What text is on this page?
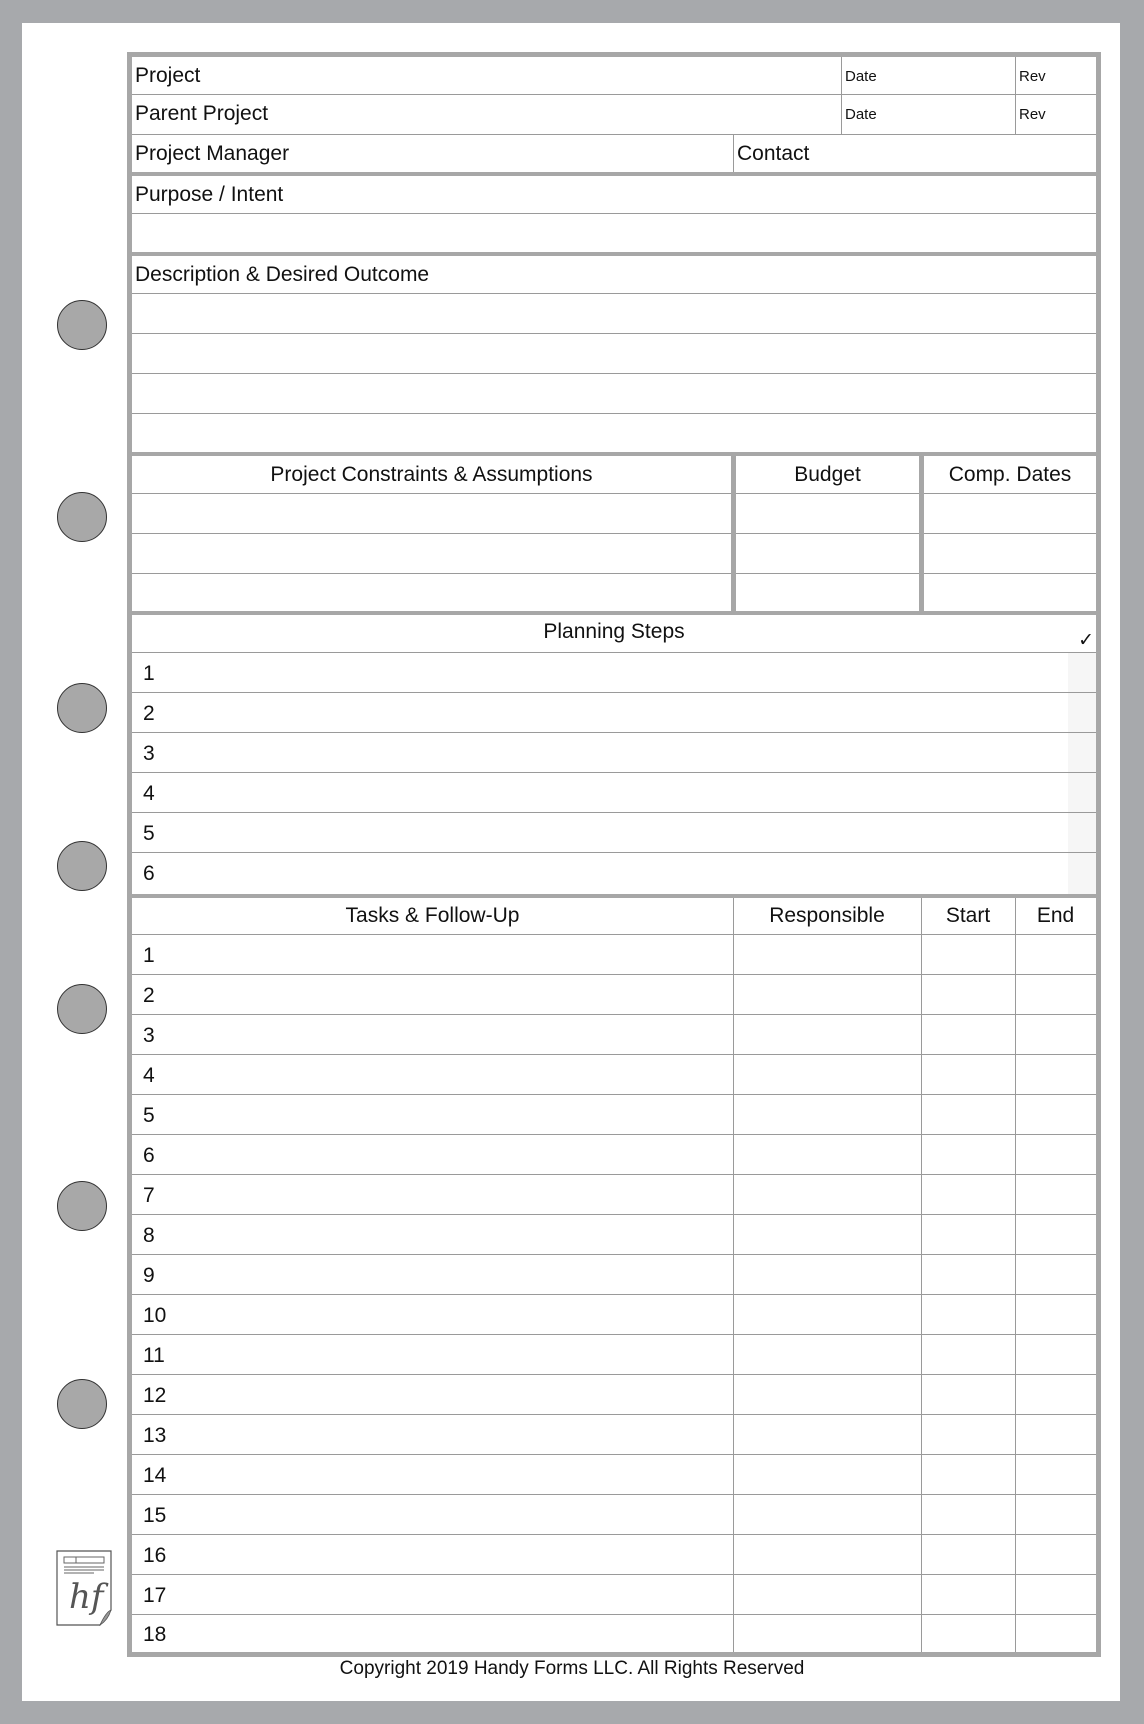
Project	Date	Rev
Parent Project	Date	Rev
Project Manager	Contact
Purpose / Intent
Description & Desired Outcome
Project Constraints & Assumptions	Budget	Comp. Dates
Planning Steps	✓
1
2
3
4
5
6
Tasks & Follow-Up	Responsible	Start	End
1
2
3
4
5
6
7
8
9
10
11
12
13
14
15
16
17
18
hf
Copyright 2019 Handy Forms LLC. All Rights Reserved
